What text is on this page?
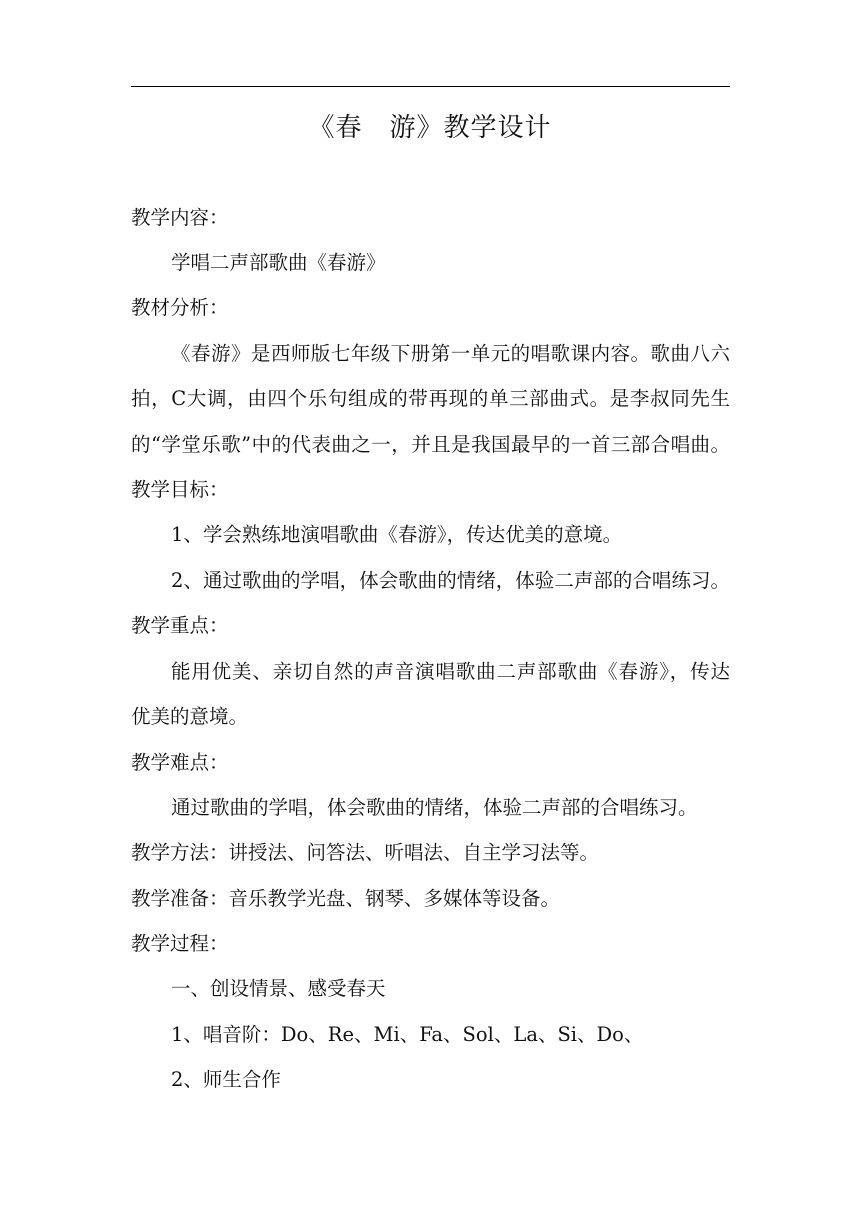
《春　游》教学设计
教学内容：
学唱二声部歌曲《春游》
教材分析：
《春游》是西师版七年级下册第一单元的唱歌课内容。歌曲八六
拍，C大调，由四个乐句组成的带再现的单三部曲式。是李叔同先生
的“学堂乐歌”中的代表曲之一，并且是我国最早的一首三部合唱曲。
教学目标：
1、学会熟练地演唱歌曲《春游》，传达优美的意境。
2、通过歌曲的学唱，体会歌曲的情绪，体验二声部的合唱练习。
教学重点：
能用优美、亲切自然的声音演唱歌曲二声部歌曲《春游》，传达
优美的意境。
教学难点：
通过歌曲的学唱，体会歌曲的情绪，体验二声部的合唱练习。
教学方法：讲授法、问答法、听唱法、自主学习法等。
教学准备：音乐教学光盘、钢琴、多媒体等设备。
教学过程：
一、创设情景、感受春天
1、唱音阶：Do、Re、Mi、Fa、Sol、La、Si、Do、
2、师生合作
